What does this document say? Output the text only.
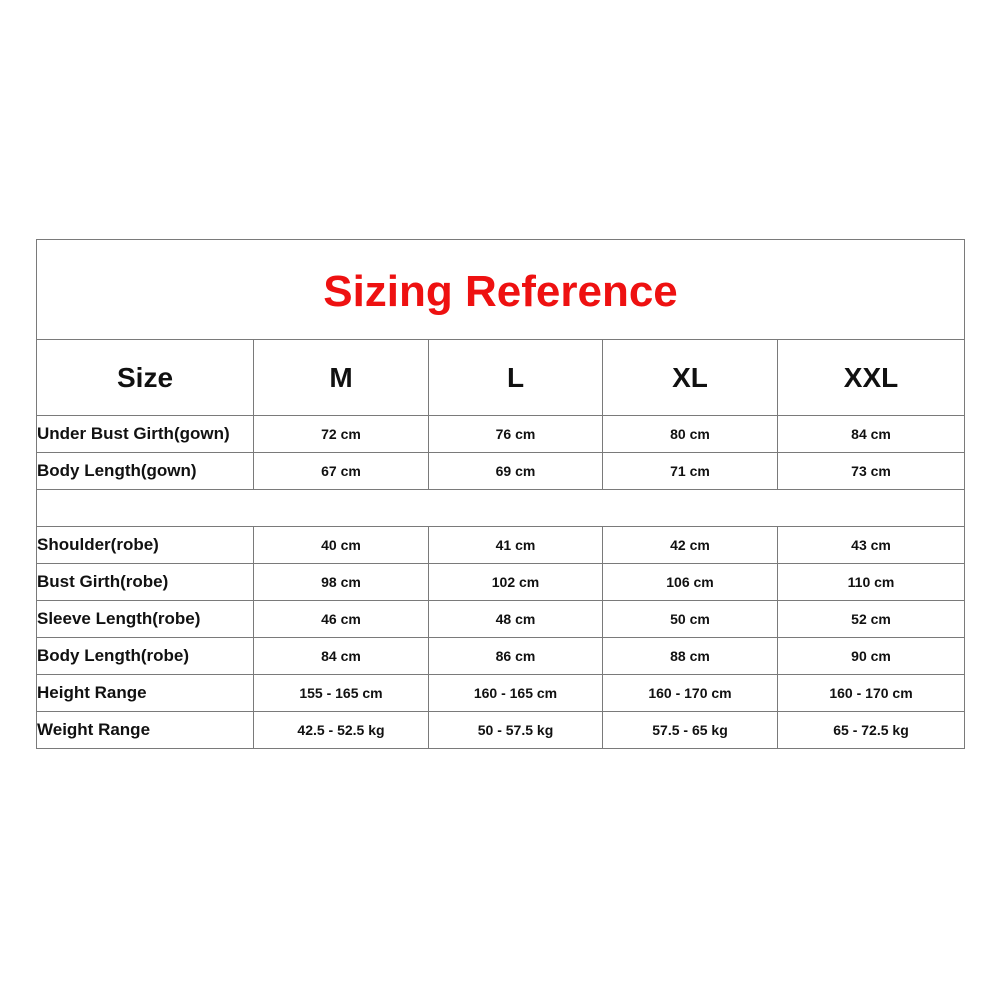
Sizing Reference				
Size	M	L	XL	XXL
Under Bust Girth(gown)	72 cm	76 cm	80 cm	84 cm
Body Length(gown)	67 cm	69 cm	71 cm	73 cm

Shoulder(robe)	40 cm	41 cm	42 cm	43 cm
Bust Girth(robe)	98 cm	102 cm	106 cm	110 cm
Sleeve Length(robe)	46 cm	48 cm	50 cm	52 cm
Body Length(robe)	84 cm	86 cm	88 cm	90 cm
Height Range	155 - 165 cm	160 - 165 cm	160 - 170 cm	160 - 170 cm
Weight Range	42.5 - 52.5 kg	50 - 57.5 kg	57.5 - 65 kg	65 - 72.5 kg
